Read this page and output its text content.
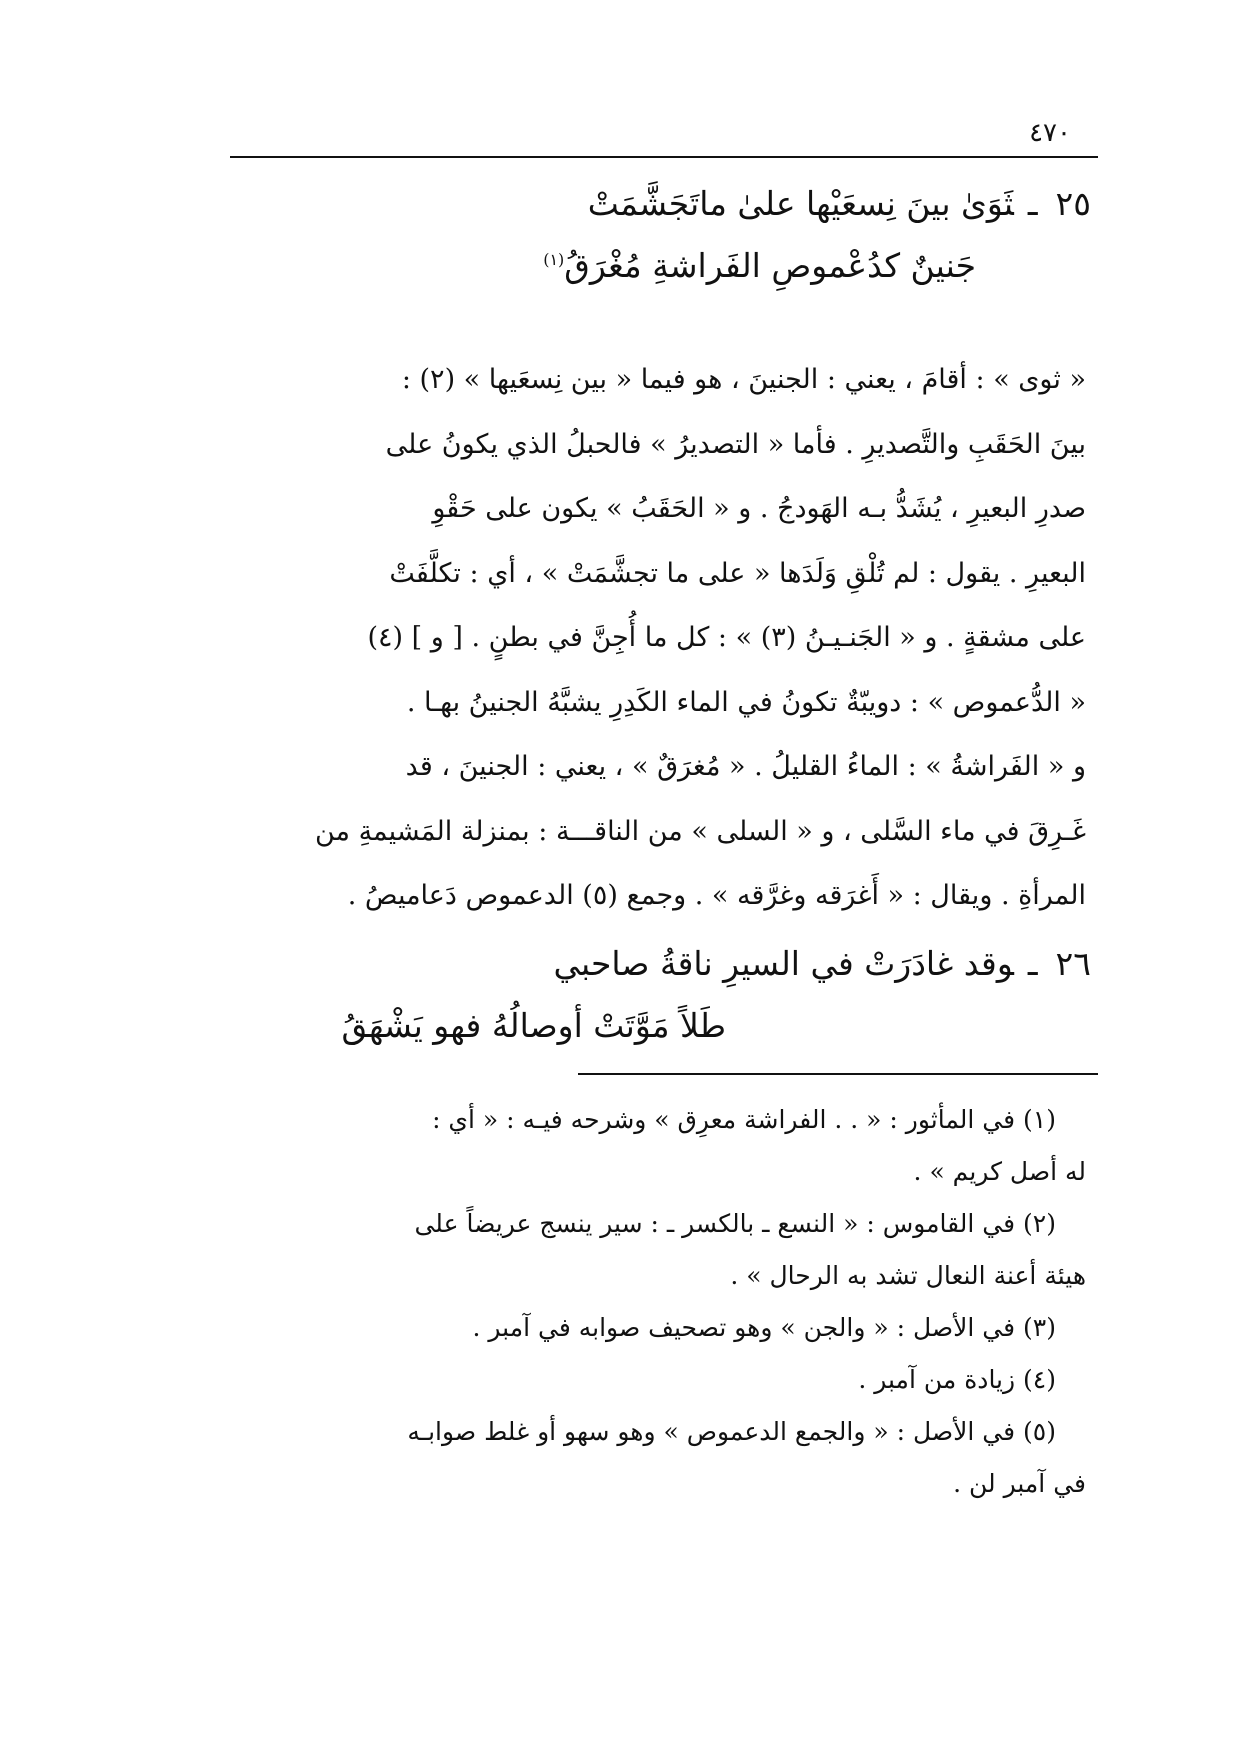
٤٧٠
٢٥ـثَوَىٰ بينَ نِسعَيْها علىٰ ماتَجَشَّمَتْ
جَنينٌ كدُعْموصِ الفَراشةِ مُغْرَقُ$^{(١)}$
« ثوى » : أقامَ ، يعني : الجنينَ ، هو فيما « بين نِسعَيها » (٢) :
بينَ الحَقَبِ والتَّصديرِ . فأما « التصديرُ » فالحبلُ الذي يكونُ على
صدرِ البعيرِ ، يُشَدُّ بـه الهَودجُ . و « الحَقَبُ » يكون على حَقْوِ
البعيرِ . يقول : لم تُلْقِ وَلَدَها « على ما تجشَّمَتْ » ، أي : تكلَّفَتْ
على مشقةٍ . و « الجَنـيـنُ (٣) » : كل ما أُجِنَّ في بطنٍ . [ و ] (٤)
« الدُّعموص » : دويبّةٌ تكونُ في الماء الكَدِرِ يشبَّهُ الجنينُ بهـا .
و « الفَراشةُ » : الماءُ القليلُ . « مُغرَقٌ » ، يعني : الجنينَ ، قد
غَـرِقَ في ماء السَّلى ، و « السلى » من الناقـــة : بمنزلة المَشيمةِ من
المرأةِ . ويقال : « أَغرَقه وغرَّقه » . وجمع (٥) الدعموص دَعاميصُ .
٢٦ـوقد غادَرَتْ في السيرِ ناقةُ صاحبي
طَلاً مَوَّتَتْ أوصالُهُ فهو يَشْهَقُ
(١) في المأثور : « . . الفراشة معرِق » وشرحه فيـه : « أي :
له أصل كريم » .
(٢) في القاموس : « النسع ـ بالكسر ـ : سير ينسج عريضاً على
هيئة أعنة النعال تشد به الرحال » .
(٣) في الأصل : « والجن » وهو تصحيف صوابه في آمبر .
(٤) زيادة من آمبر .
(٥) في الأصل : « والجمع الدعموص » وهو سهو أو غلط صوابـه
في آمبر لن .
